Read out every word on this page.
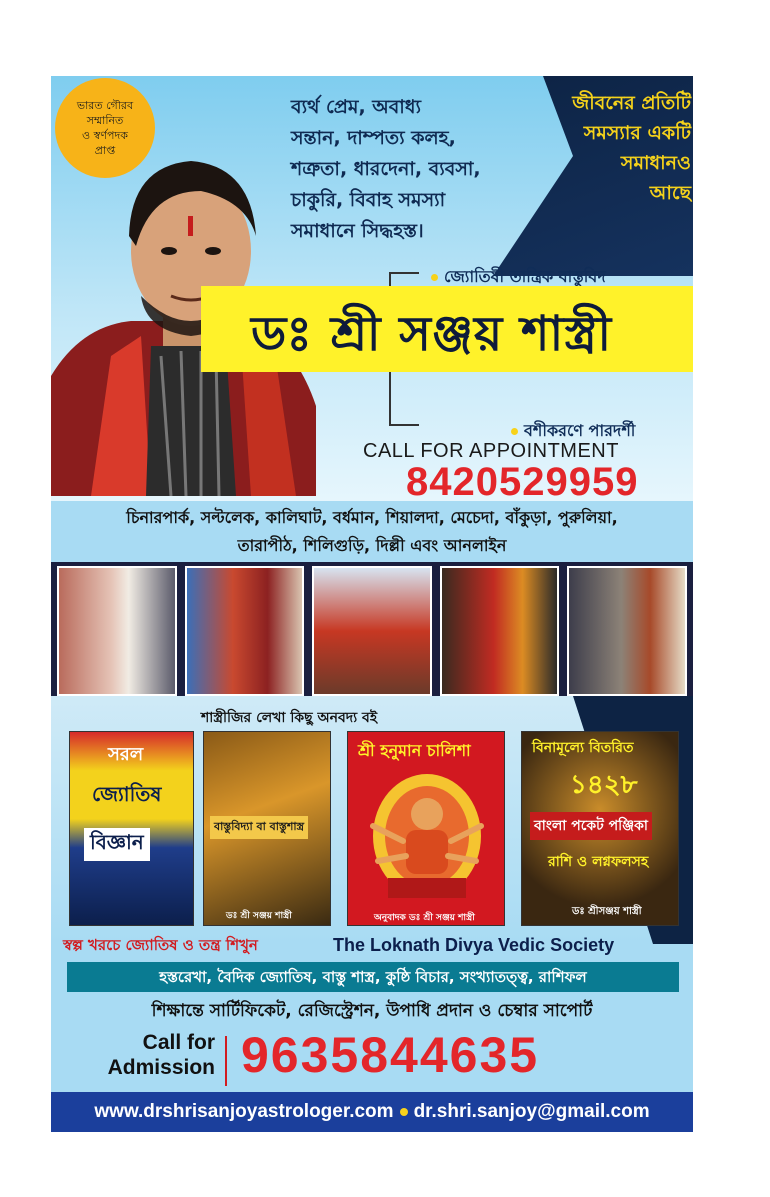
ভারত গৌরব
সম্মানিত
ও স্বর্ণপদক
প্রাপ্ত
ব্যর্থ প্রেম, অবাধ্য
সন্তান, দাম্পত্য কলহ,
শত্রুতা, ধারদেনা, ব্যবসা,
চাকুরি, বিবাহ সমস্যা
সমাধানে সিদ্ধহস্ত।
জীবনের প্রতিটি
সমস্যার একটি
সমাধানও
আছে
জ্যোতিষী তান্ত্রিক বাস্তুবিদ
ডঃ শ্রী সঞ্জয় শাস্ত্রী
বশীকরণে পারদর্শী
CALL FOR APPOINTMENT
8420529959
চিনারপার্ক, সল্টলেক, কালিঘাট, বর্ধমান, শিয়ালদা, মেচেদা, বাঁকুড়া, পুরুলিয়া,
তারাপীঠ, শিলিগুড়ি, দিল্লী এবং আনলাইন
শাস্ত্রীজির লেখা কিছু অনবদ্য বই
সরল
জ্যোতিষ
বিজ্ঞান
বাস্তুবিদ্যা বা বাস্তুশাস্ত্র
ডঃ শ্রী সঞ্জয় শাস্ত্রী
শ্রী হনুমান চালিশা
অনুবাদক ডঃ শ্রী সঞ্জয় শাস্ত্রী
বিনামূল্যে বিতরিত
১৪২৮
বাংলা পকেট পঞ্জিকা
রাশি ও লগ্নফলসহ
ডঃ শ্রীসঞ্জয় শাস্ত্রী
স্বল্প খরচে জ্যোতিষ ও তন্ত্র শিখুন	The Loknath Divya Vedic Society
হস্তরেখা, বৈদিক জ্যোতিষ, বাস্তু শাস্ত্র, কুষ্ঠি বিচার, সংখ্যাতত্ত্ব, রাশিফল
শিক্ষান্তে সার্টিফিকেট, রেজিস্ট্রেশন, উপাধি প্রদান ও চেম্বার সাপোর্ট
Call for
Admission 9635844635
www.drshrisanjoyastrologer.com dr.shri.sanjoy@gmail.com
